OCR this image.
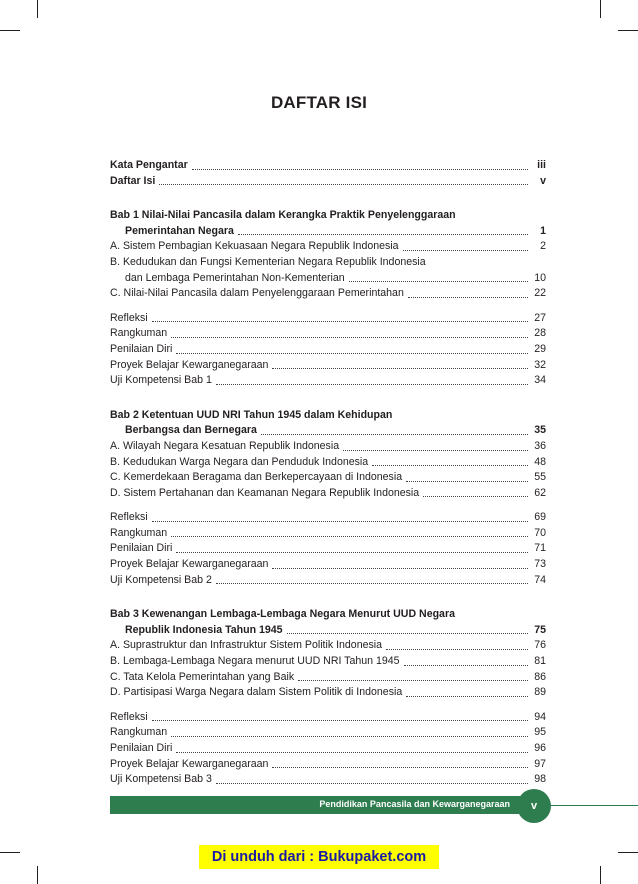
DAFTAR ISI
Kata Pengantar	iii
Daftar Isi	v
Bab 1 Nilai-Nilai Pancasila dalam Kerangka Praktik Penyelenggaraan
Pemerintahan Negara	1
A. Sistem Pembagian Kekuasaan Negara Republik Indonesia	2
B. Kedudukan dan Fungsi Kementerian Negara Republik Indonesia
dan Lembaga Pemerintahan Non-Kementerian	10
C. Nilai-Nilai Pancasila dalam Penyelenggaraan Pemerintahan	22
Refleksi	27
Rangkuman	28
Penilaian Diri	29
Proyek Belajar Kewarganegaraan	32
Uji Kompetensi Bab 1	34
Bab 2 Ketentuan UUD NRI Tahun 1945 dalam Kehidupan
Berbangsa dan Bernegara	35
A. Wilayah Negara Kesatuan Republik Indonesia	36
B. Kedudukan Warga Negara dan Penduduk Indonesia	48
C. Kemerdekaan Beragama dan Berkepercayaan di Indonesia	55
D. Sistem Pertahanan dan Keamanan Negara Republik Indonesia	62
Refleksi	69
Rangkuman	70
Penilaian Diri	71
Proyek Belajar Kewarganegaraan	73
Uji Kompetensi Bab 2	74
Bab 3 Kewenangan Lembaga-Lembaga Negara Menurut UUD Negara
Republik Indonesia Tahun 1945	75
A. Suprastruktur dan Infrastruktur Sistem Politik Indonesia	76
B. Lembaga-Lembaga Negara menurut UUD NRI Tahun 1945	81
C. Tata Kelola Pemerintahan yang Baik	86
D. Partisipasi Warga Negara dalam Sistem Politik di Indonesia	89
Refleksi	94
Rangkuman	95
Penilaian Diri	96
Proyek Belajar Kewarganegaraan	97
Uji Kompetensi Bab 3	98
Pendidikan Pancasila dan Kewarganegaraan v
Di unduh dari : Bukupaket.com
